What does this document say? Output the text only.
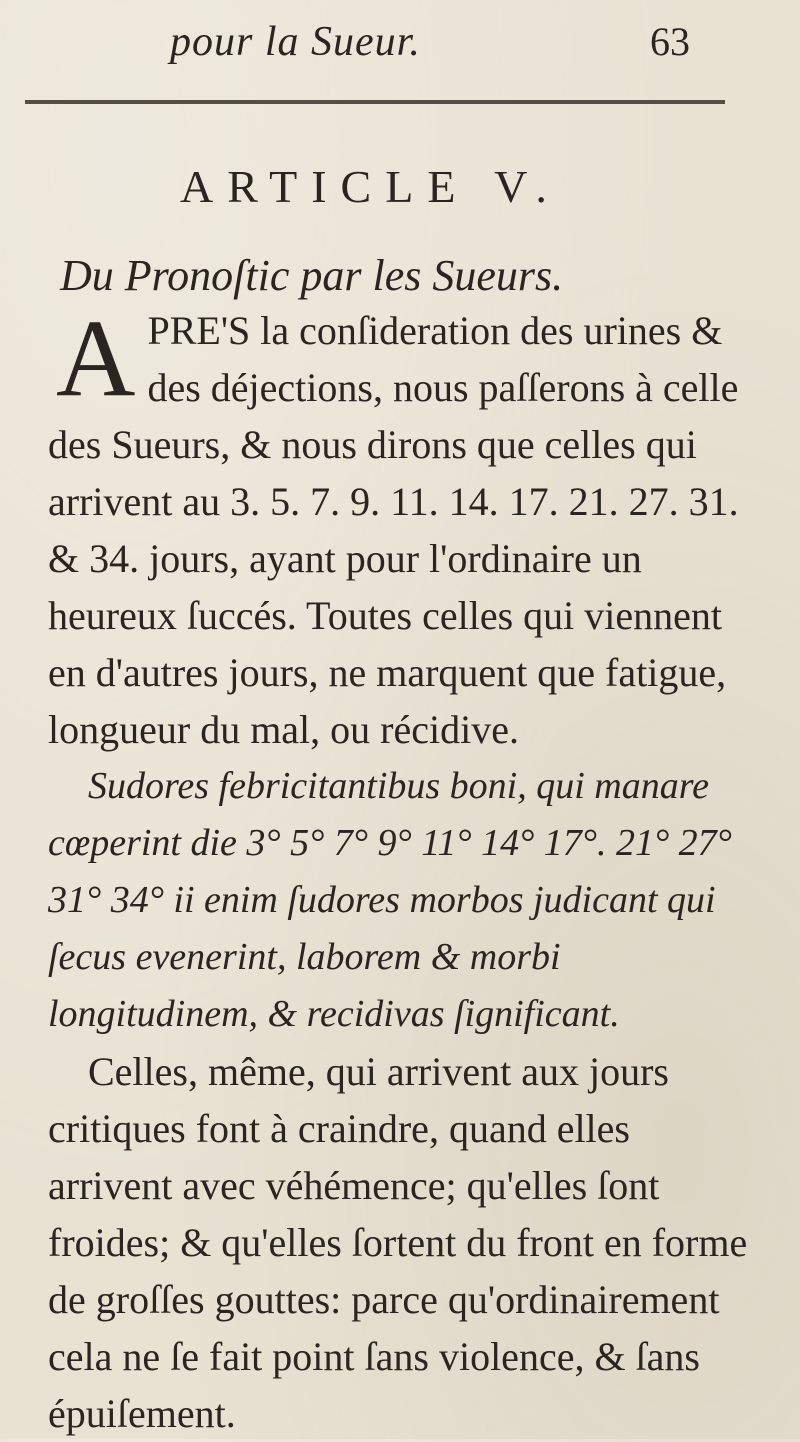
pour la Sueur.	63
ARTICLE V.
Du Pronoſtic par les Sueurs.

A PRE'S la conſideration des urines & des déjections, nous paſſerons à celle des Sueurs, & nous dirons que celles qui arrivent au 3. 5. 7. 9. 11. 14. 17. 21. 27. 31. & 34. jours, ayant pour l'ordinaire un heureux ſuccés. Toutes celles qui viennent en d'autres jours, ne marquent que fatigue, longueur du mal, ou récidive.

Sudores febricitantibus boni, qui manare cœperint die 3° 5° 7° 9° 11° 14° 17°. 21° 27° 31° 34° ii enim ſudores morbos judicant qui ſecus evenerint, laborem & morbi longitudinem, & recidivas ſignificant.

Celles, même, qui arrivent aux jours critiques font à craindre, quand elles arrivent avec véhémence; qu'elles ſont froides; & qu'elles ſortent du front en forme de groſſes gouttes: parce qu'ordinairement cela ne ſe fait point ſans violence, & ſans épuiſement.
